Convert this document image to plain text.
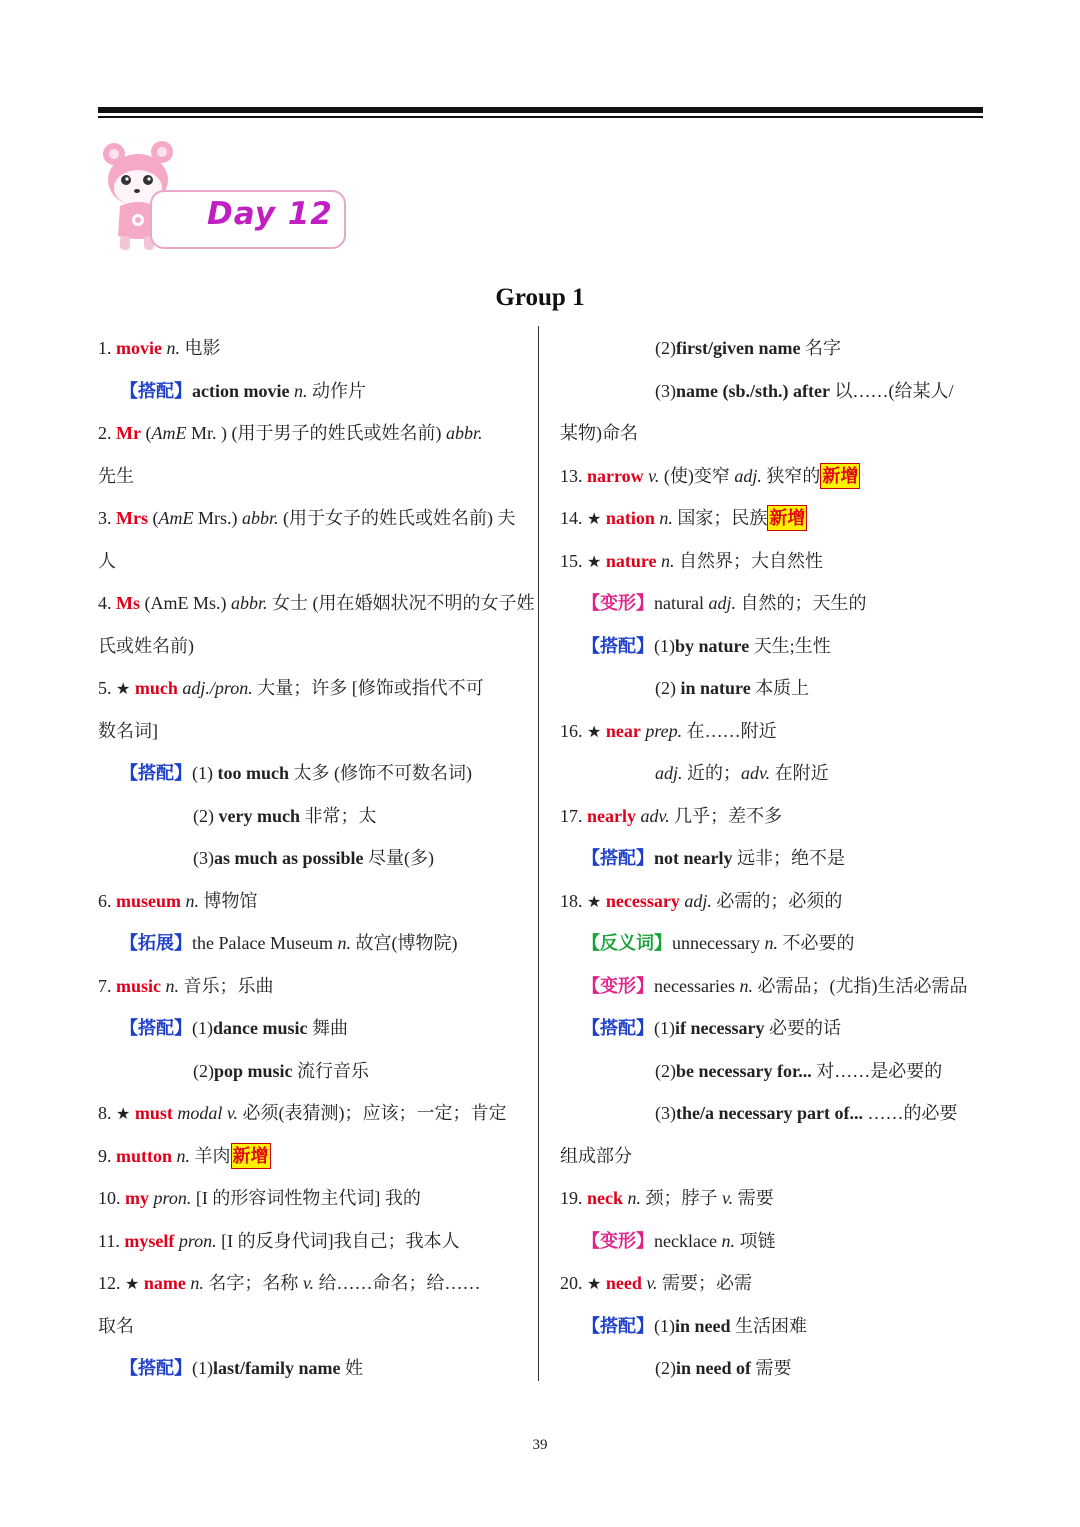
Day 12
Group 1
1. movie n. 电影
【搭配】action movie n. 动作片
2. Mr (AmE Mr. ) (用于男子的姓氏或姓名前) abbr.
先生
3. Mrs (AmE Mrs.) abbr. (用于女子的姓氏或姓名前) 夫
人
4. Ms (AmE Ms.) abbr. 女士 (用在婚姻状况不明的女子姓
氏或姓名前)
5. ★ much adj./pron. 大量；许多 [修饰或指代不可
数名词]
【搭配】(1) too much 太多 (修饰不可数名词)
(2) very much 非常；太
(3)as much as possible 尽量(多)
6. museum n. 博物馆
【拓展】the Palace Museum n. 故宫(博物院)
7. music n. 音乐；乐曲
【搭配】(1)dance music 舞曲
(2)pop music 流行音乐
8. ★ must modal v. 必须(表猜测)；应该；一定；肯定
9. mutton n. 羊肉 新增
10. my pron. [I 的形容词性物主代词] 我的
11. myself pron. [I 的反身代词]我自己；我本人
12. ★ name n. 名字；名称 v. 给……命名；给……
取名
【搭配】(1)last/family name 姓
(2)first/given name 名字
(3)name (sb./sth.) after 以……(给某人/
某物)命名
13. narrow v. (使)变窄 adj. 狭窄的 新增
14. ★ nation n. 国家；民族 新增
15. ★ nature n. 自然界；大自然性
【变形】natural adj. 自然的；天生的
【搭配】(1)by nature 天生;生性
(2) in nature 本质上
16. ★ near prep. 在……附近
adj. 近的；adv. 在附近
17. nearly adv. 几乎；差不多
【搭配】not nearly 远非；绝不是
18. ★ necessary adj. 必需的；必须的
【反义词】unnecessary n. 不必要的
【变形】necessaries n. 必需品；(尤指)生活必需品
【搭配】(1)if necessary 必要的话
(2)be necessary for... 对……是必要的
(3)the/a necessary part of... ……的必要
组成部分
19. neck n. 颈；脖子 v. 需要
【变形】necklace n. 项链
20. ★ need v. 需要；必需
【搭配】(1)in need 生活困难
(2)in need of 需要
39
